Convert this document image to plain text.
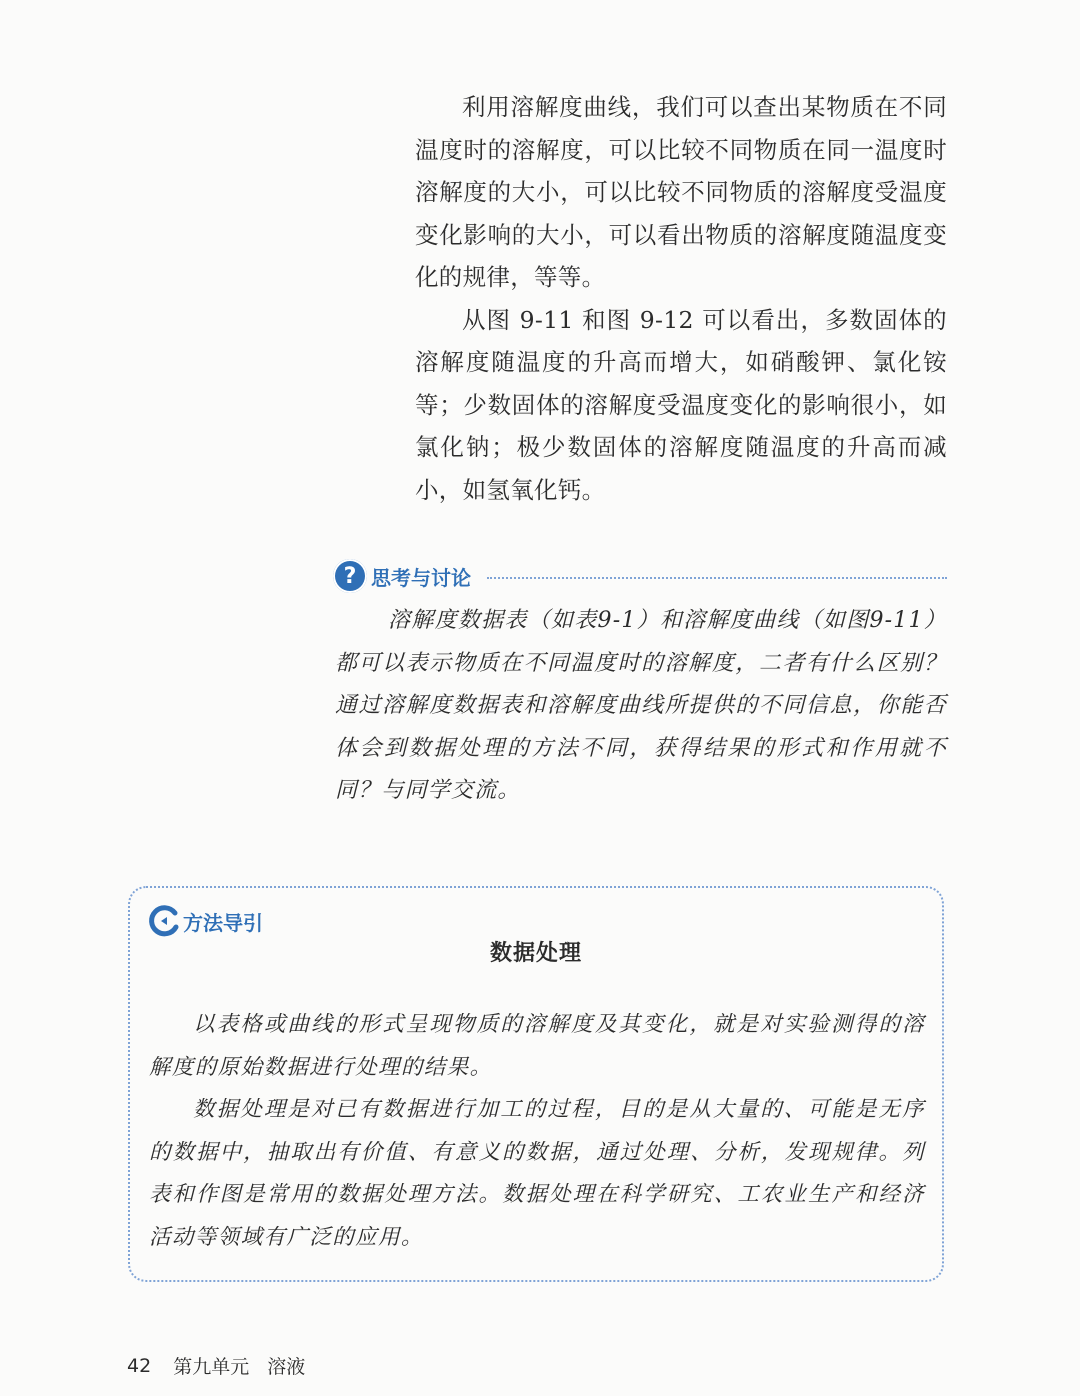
利用溶解度曲线，我们可以查出某物质在不同温度时的溶解度，可以比较不同物质在同一温度时溶解度的大小，可以比较不同物质的溶解度受温度变化影响的大小，可以看出物质的溶解度随温度变化的规律，等等。

从图 9-11 和图 9-12 可以看出，多数固体的溶解度随温度的升高而增大，如硝酸钾、氯化铵等；少数固体的溶解度受温度变化的影响很小，如氯化钠；极少数固体的溶解度随温度的升高而减小，如氢氧化钙。

? 思考与讨论

溶解度数据表（如表9-1）和溶解度曲线（如图9-11）都可以表示物质在不同温度时的溶解度，二者有什么区别？通过溶解度数据表和溶解度曲线所提供的不同信息，你能否体会到数据处理的方法不同，获得结果的形式和作用就不同？与同学交流。

方法导引
数据处理

以表格或曲线的形式呈现物质的溶解度及其变化，就是对实验测得的溶解度的原始数据进行处理的结果。

数据处理是对已有数据进行加工的过程，目的是从大量的、可能是无序的数据中，抽取出有价值、有意义的数据，通过处理、分析，发现规律。列表和作图是常用的数据处理方法。数据处理在科学研究、工农业生产和经济活动等领域有广泛的应用。

42 第九单元 溶液
